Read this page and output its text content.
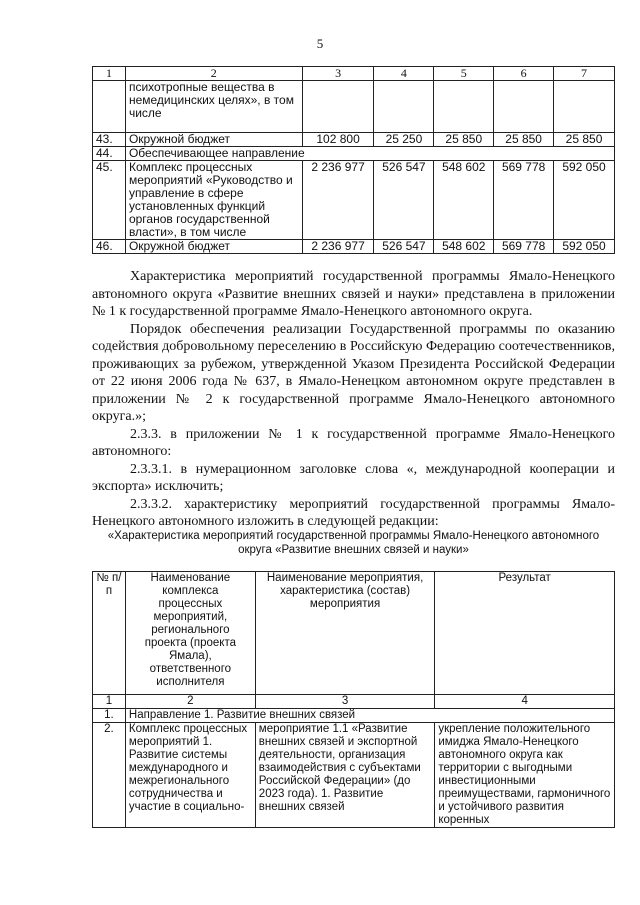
5
1	2	3	4	5	6	7
	психотропные вещества в немедицинских целях», в том числе					
43.	Окружной бюджет	102 800	25 250	25 850	25 850	25 850
44.	Обеспечивающее направление					
45.	Комплекс процессных мероприятий «Руководство и управление в сфере установленных функций органов государственной власти», в том числе	2 236 977	526 547	548 602	569 778	592 050
46.	Окружной бюджет	2 236 977	526 547	548 602	569 778	592 050

Характеристика мероприятий государственной программы Ямало-Ненецкого автономного округа «Развитие внешних связей и науки» представлена в приложении № 1 к государственной программе Ямало-Ненецкого автономного округа.

Порядок обеспечения реализации Государственной программы по оказанию содействия добровольному переселению в Российскую Федерацию соотечественников, проживающих за рубежом, утвержденной Указом Президента Российской Федерации от 22 июня 2006 года № 637, в Ямало-Ненецком автономном округе представлен в приложении № 2 к государственной программе Ямало-Ненецкого автономного округа.»;

2.3.3. в приложении № 1 к государственной программе Ямало-Ненецкого автономного:

2.3.3.1. в нумерационном заголовке слова «, международной кооперации и экспорта» исключить;

2.3.3.2. характеристику мероприятий государственной программы Ямало-Ненецкого автономного изложить в следующей редакции:

«Характеристика мероприятий государственной программы Ямало-Ненецкого автономного округа «Развитие внешних связей и науки»
№ п/п	Наименование комплекса процессных мероприятий, регионального проекта (проекта Ямала), ответственного исполнителя	Наименование мероприятия, характеристика (состав) мероприятия	Результат
1	2	3	4
1.	Направление 1. Развитие внешних связей		
2.	Комплекс процессных мероприятий 1. Развитие системы международного и межрегионального сотрудничества и участие в социально-	мероприятие 1.1 «Развитие внешних связей и экспортной деятельности, организация взаимодействия с субъектами Российской Федерации» (до 2023 года). 1. Развитие внешних связей	укрепление положительного имиджа Ямало-Ненецкого автономного округа как территории с выгодными инвестиционными преимуществами, гармоничного и устойчивого развития коренных
